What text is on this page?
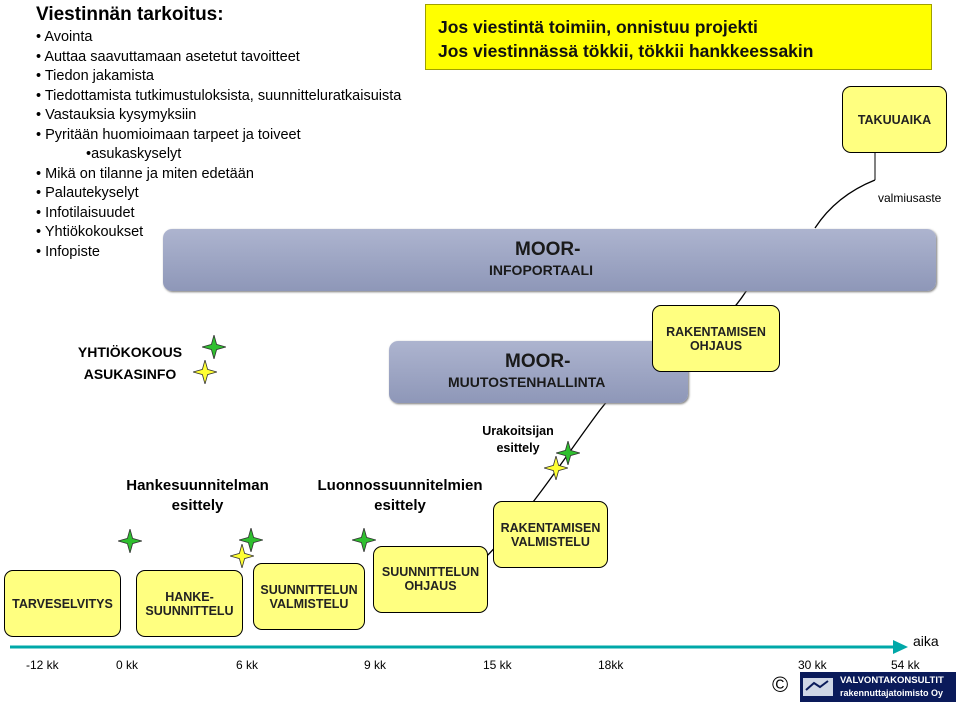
Viestinnän tarkoitus:
• Avointa
• Auttaa saavuttamaan asetetut tavoitteet
• Tiedon jakamista
• Tiedottamista tutkimustuloksista, suunnitteluratkaisuista
• Vastauksia kysymyksiin
• Pyritään huomioimaan tarpeet ja toiveet
•asukaskyselyt
• Mikä on tilanne ja miten edetään
• Palautekyselyt
• Infotilaisuudet
• Yhtiökokoukset
• Infopiste
Jos viestintä toimiin, onnistuu projekti
Jos viestinnässä tökkii, tökkii hankkeessakin
MOOR-
INFOPORTAALI
MOOR-
MUUTOSTENHALLINTA
TAKUUAIKA
valmiusaste
RAKENTAMISEN
OHJAUS
RAKENTAMISEN
VALMISTELU
TARVESELVITYS	HANKE-
SUUNNITTELU
SUUNNITTELUN
VALMISTELU
SUUNNITTELUN
OHJAUS
YHTIÖKOKOUS
ASUKASINFO
Urakoitsijan
esittely
Hankesuunnitelman
esittely
Luonnossuunnitelmien
esittely
aika
-12 kk	0 kk	6 kk	9 kk	15 kk	18kk	30 kk	54 kk
©	VALVONTAKONSULTIT
rakennuttajatoimisto Oy
